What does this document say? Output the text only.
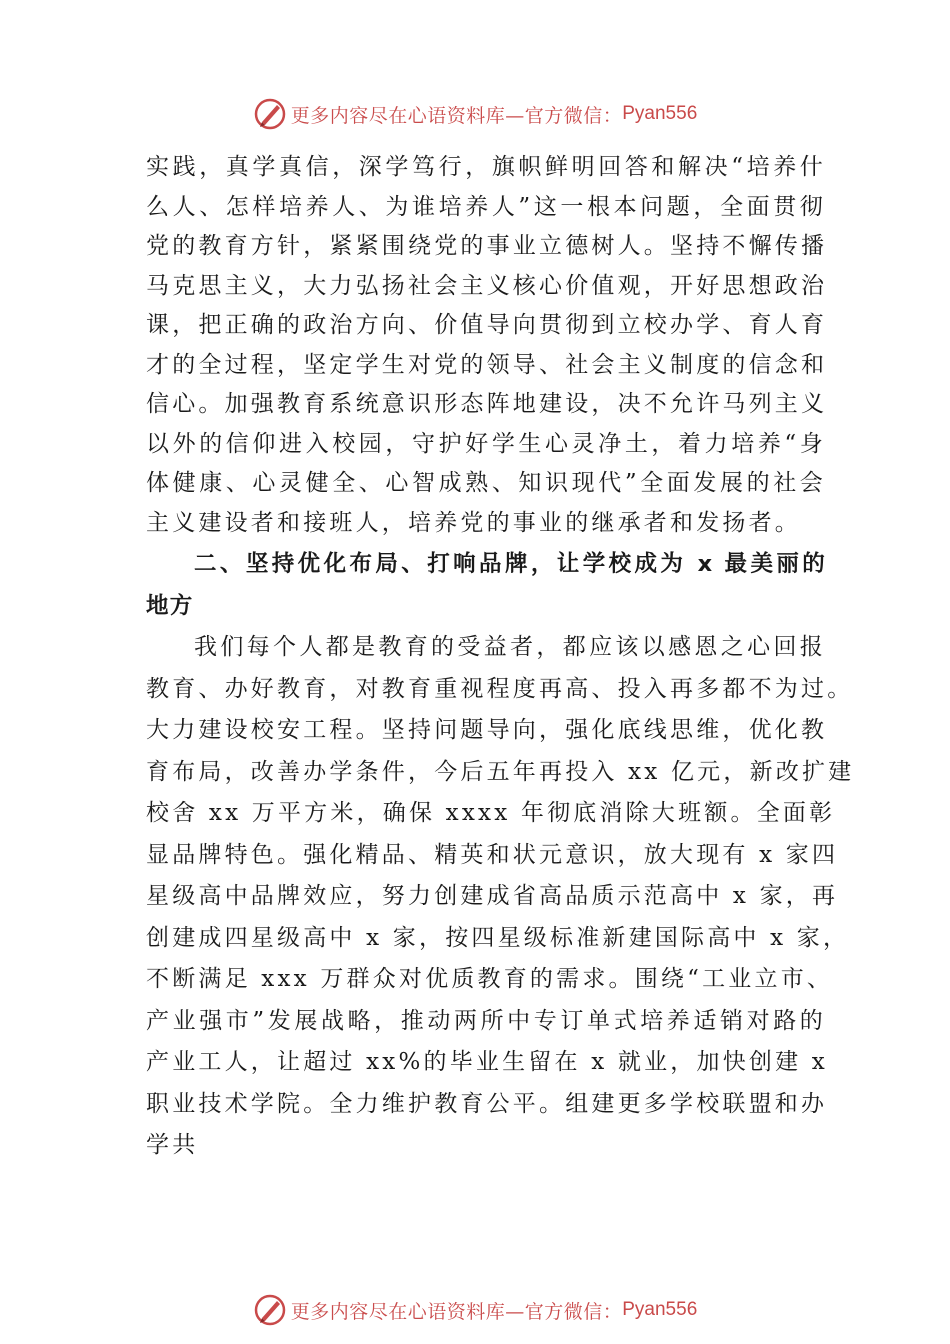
更多内容尽在心语资料库—官方微信： Pyan556
实践，真学真信，深学笃行，旗帜鲜明回答和解决“培养什
么人、怎样培养人、为谁培养人”这一根本问题，全面贯彻
党的教育方针，紧紧围绕党的事业立德树人。坚持不懈传播
马克思主义，大力弘扬社会主义核心价值观，开好思想政治
课，把正确的政治方向、价值导向贯彻到立校办学、育人育
才的全过程，坚定学生对党的领导、社会主义制度的信念和
信心。加强教育系统意识形态阵地建设，决不允许马列主义
以外的信仰进入校园，守护好学生心灵净土，着力培养“身
体健康、心灵健全、心智成熟、知识现代”全面发展的社会
主义建设者和接班人，培养党的事业的继承者和发扬者。
二、坚持优化布局、打响品牌，让学校成为 x 最美丽的
地方
我们每个人都是教育的受益者，都应该以感恩之心回报
教育、办好教育，对教育重视程度再高、投入再多都不为过。
大力建设校安工程。坚持问题导向，强化底线思维，优化教
育布局，改善办学条件，今后五年再投入 xx 亿元，新改扩建
校舍 xx 万平方米，确保 xxxx 年彻底消除大班额。全面彰
显品牌特色。强化精品、精英和状元意识，放大现有 x 家四
星级高中品牌效应，努力创建成省高品质示范高中 x 家，再
创建成四星级高中 x 家，按四星级标准新建国际高中 x 家，
不断满足 xxx 万群众对优质教育的需求。围绕“工业立市、
产业强市”发展战略，推动两所中专订单式培养适销对路的
产业工人，让超过 xx%的毕业生留在 x 就业，加快创建 x
职业技术学院。全力维护教育公平。组建更多学校联盟和办
学共
更多内容尽在心语资料库—官方微信： Pyan556
